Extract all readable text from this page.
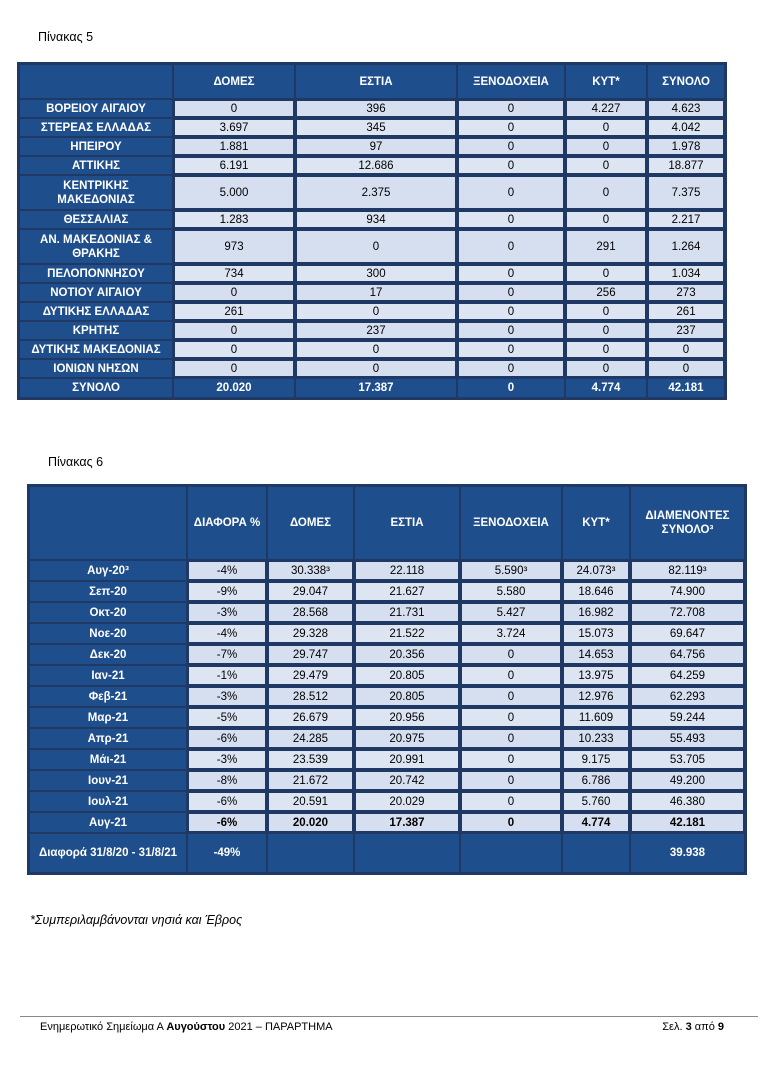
Πίνακας 5
	ΔΟΜΕΣ	ΕΣΤΙΑ	ΞΕΝΟΔΟΧΕΙΑ	ΚΥΤ*	ΣΥΝΟΛΟ
ΒΟΡΕΙΟΥ ΑΙΓΑΙΟΥ	0	396	0	4.227	4.623
ΣΤΕΡΕΑΣ ΕΛΛΑΔΑΣ	3.697	345	0	0	4.042
ΗΠΕΙΡΟΥ	1.881	97	0	0	1.978
ΑΤΤΙΚΗΣ	6.191	12.686	0	0	18.877
ΚΕΝΤΡΙΚΗΣ ΜΑΚΕΔΟΝΙΑΣ	5.000	2.375	0	0	7.375
ΘΕΣΣΑΛΙΑΣ	1.283	934	0	0	2.217
ΑΝ. ΜΑΚΕΔΟΝΙΑΣ & ΘΡΑΚΗΣ	973	0	0	291	1.264
ΠΕΛΟΠΟΝΝΗΣΟΥ	734	300	0	0	1.034
ΝΟΤΙΟΥ ΑΙΓΑΙΟΥ	0	17	0	256	273
ΔΥΤΙΚΗΣ ΕΛΛΑΔΑΣ	261	0	0	0	261
ΚΡΗΤΗΣ	0	237	0	0	237
ΔΥΤΙΚΗΣ ΜΑΚΕΔΟΝΙΑΣ	0	0	0	0	0
ΙΟΝΙΩΝ ΝΗΣΩΝ	0	0	0	0	0
ΣΥΝΟΛΟ	20.020	17.387	0	4.774	42.181
Πίνακας 6
	ΔΙΑΦΟΡΑ %	ΔΟΜΕΣ	ΕΣΤΙΑ	ΞΕΝΟΔΟΧΕΙΑ	ΚΥΤ*	ΔΙΑΜΕΝΟΝΤΕΣ ΣΥΝΟΛΟ³
Αυγ-20³	-4%	30.338³	22.118	5.590³	24.073³	82.119³
Σεπ-20	-9%	29.047	21.627	5.580	18.646	74.900
Οκτ-20	-3%	28.568	21.731	5.427	16.982	72.708
Νοε-20	-4%	29.328	21.522	3.724	15.073	69.647
Δεκ-20	-7%	29.747	20.356	0	14.653	64.756
Ιαν-21	-1%	29.479	20.805	0	13.975	64.259
Φεβ-21	-3%	28.512	20.805	0	12.976	62.293
Μαρ-21	-5%	26.679	20.956	0	11.609	59.244
Απρ-21	-6%	24.285	20.975	0	10.233	55.493
Μάι-21	-3%	23.539	20.991	0	9.175	53.705
Ιουν-21	-8%	21.672	20.742	0	6.786	49.200
Ιουλ-21	-6%	20.591	20.029	0	5.760	46.380
Αυγ-21	-6%	20.020	17.387	0	4.774	42.181
Διαφορά 31/8/20 - 31/8/21	-49%					39.938
*Συμπεριλαμβάνονται νησιά και Έβρος
Ενημερωτικό Σημείωμα Α Αυγούστου 2021 – ΠΑΡΑΡΤΗΜΑ	Σελ. 3 από 9
